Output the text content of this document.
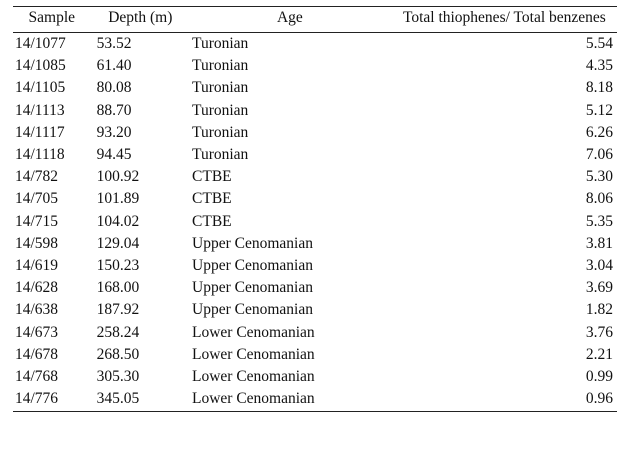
Sample	Depth (m)	Age	Total thiophenes/ Total benzenes
14/1077	53.52	Turonian	5.54
14/1085	61.40	Turonian	4.35
14/1105	80.08	Turonian	8.18
14/1113	88.70	Turonian	5.12
14/1117	93.20	Turonian	6.26
14/1118	94.45	Turonian	7.06
14/782	100.92	CTBE	5.30
14/705	101.89	CTBE	8.06
14/715	104.02	CTBE	5.35
14/598	129.04	Upper Cenomanian	3.81
14/619	150.23	Upper Cenomanian	3.04
14/628	168.00	Upper Cenomanian	3.69
14/638	187.92	Upper Cenomanian	1.82
14/673	258.24	Lower Cenomanian	3.76
14/678	268.50	Lower Cenomanian	2.21
14/768	305.30	Lower Cenomanian	0.99
14/776	345.05	Lower Cenomanian	0.96
